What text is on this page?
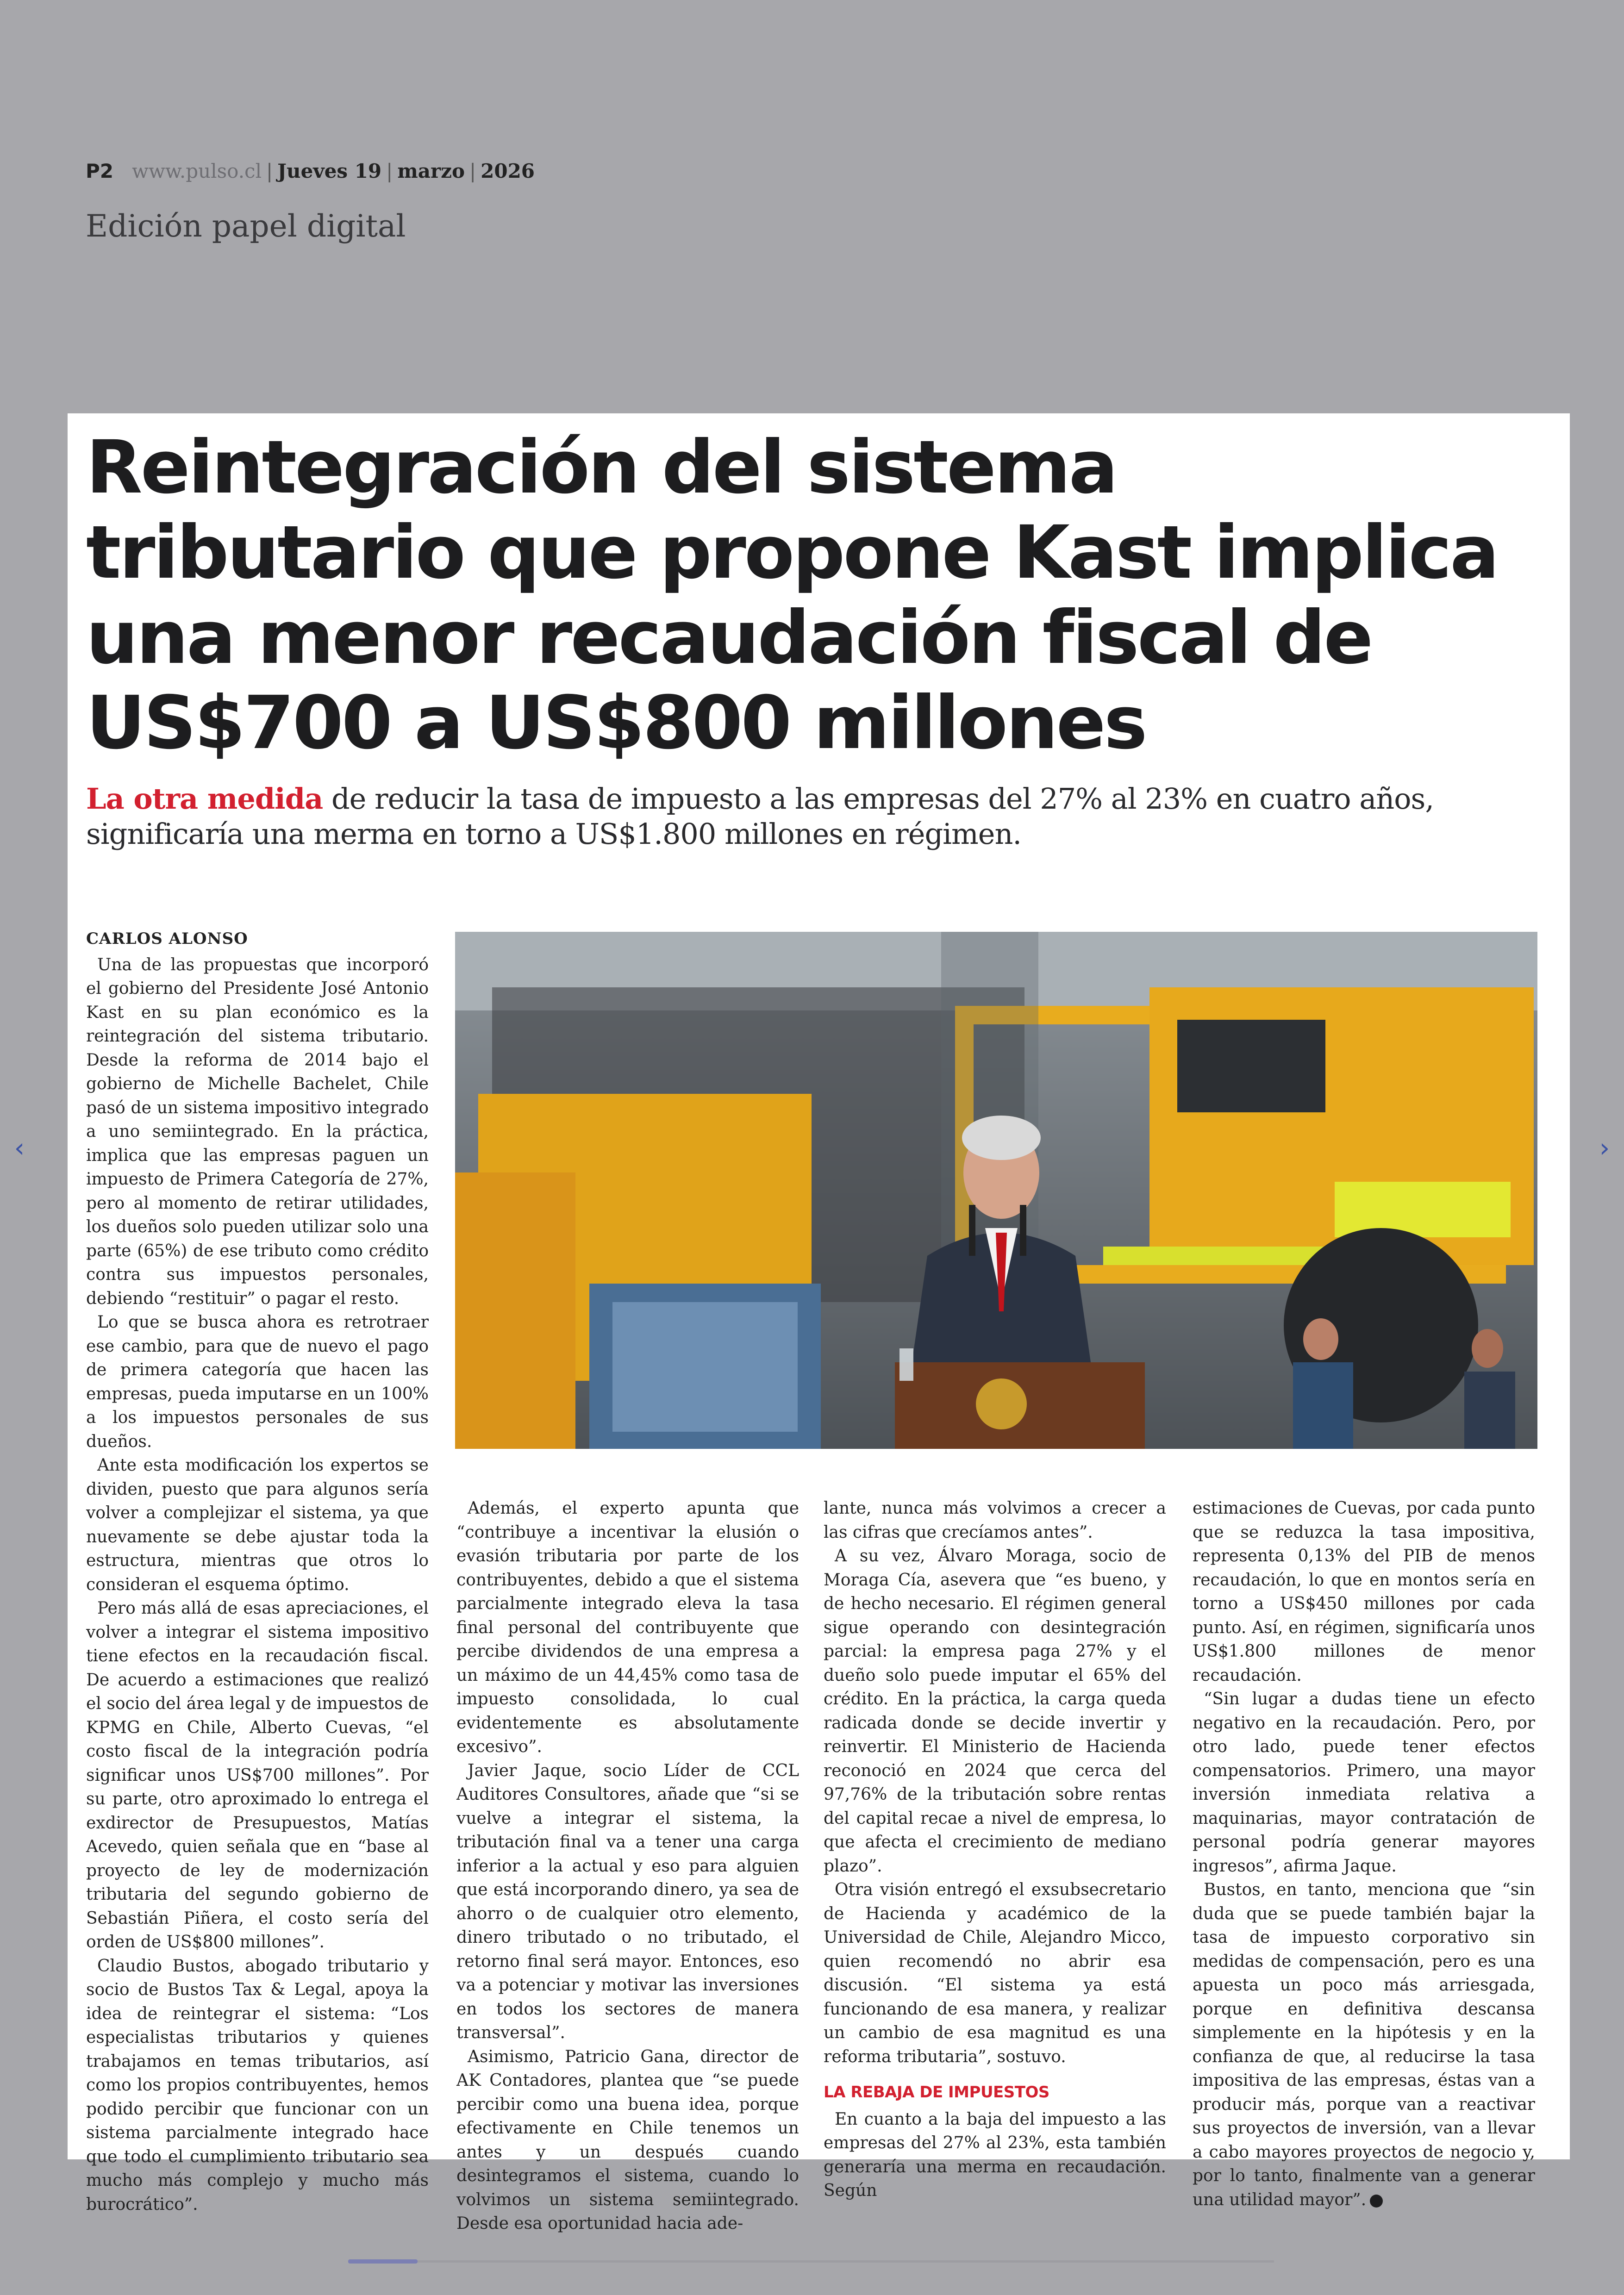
P2 www.pulso.cl | Jueves 19 | marzo | 2026
Edición papel digital
‹	›
Reintegración del sistema tributario que propone Kast implica una menor recaudación fiscal de US$700 a US$800 millones

La otra medida de reducir la tasa de impuesto a las empresas del 27% al 23% en cuatro años, significaría una merma en torno a US$1.800 millones en régimen.

CARLOS ALONSO

Una de las propuestas que incorporó el gobierno del Presidente José Antonio Kast en su plan económico es la reintegración del sistema tributario. Desde la reforma de 2014 bajo el gobierno de Michelle Bachelet, Chile pasó de un sistema impositivo integrado a uno semiintegrado. En la práctica, implica que las empresas paguen un impuesto de Primera Categoría de 27%, pero al momento de retirar utilidades, los dueños solo pueden utilizar solo una parte (65%) de ese tributo como crédito contra sus impuestos personales, debiendo “restituir” o pagar el resto.

Lo que se busca ahora es retrotraer ese cambio, para que de nuevo el pago de primera categoría que hacen las empresas, pueda imputarse en un 100% a los impuestos personales de sus dueños.

Ante esta modificación los expertos se dividen, puesto que para algunos sería volver a complejizar el sistema, ya que nuevamente se debe ajustar toda la estructura, mientras que otros lo consideran el esquema óptimo.

Pero más allá de esas apreciaciones, el volver a integrar el sistema impositivo tiene efectos en la recaudación fiscal. De acuerdo a estimaciones que realizó el socio del área legal y de impuestos de KPMG en Chile, Alberto Cuevas, “el costo fiscal de la integración podría significar unos US$700 millones”. Por su parte, otro aproximado lo entrega el exdirector de Presupuestos, Matías Acevedo, quien señala que en “base al proyecto de ley de modernización tributaria del segundo gobierno de Sebastián Piñera, el costo sería del orden de US$800 millones”.

Claudio Bustos, abogado tributario y socio de Bustos Tax & Legal, apoya la idea de reintegrar el sistema: “Los especialistas tributarios y quienes trabajamos en temas tributarios, así como los propios contribuyentes, hemos podido percibir que funcionar con un sistema parcialmente integrado hace que todo el cumplimiento tributario sea mucho más complejo y mucho más burocrático”.

Además, el experto apunta que “contribuye a incentivar la elusión o evasión tributaria por parte de los contribuyentes, debido a que el sistema parcialmente integrado eleva la tasa final personal del contribuyente que percibe dividendos de una empresa a un máximo de un 44,45% como tasa de impuesto consolidada, lo cual evidentemente es absolutamente excesivo”.

Javier Jaque, socio Líder de CCL Auditores Consultores, añade que “si se vuelve a integrar el sistema, la tributación final va a tener una carga inferior a la actual y eso para alguien que está incorporando dinero, ya sea de ahorro o de cualquier otro elemento, dinero tributado o no tributado, el retorno final será mayor. Entonces, eso va a potenciar y motivar las inversiones en todos los sectores de manera transversal”.

Asimismo, Patricio Gana, director de AK Contadores, plantea que “se puede percibir como una buena idea, porque efectivamente en Chile tenemos un antes y un después cuando desintegramos el sistema, cuando lo volvimos un sistema semiintegrado. Desde esa oportunidad hacia ade-

lante, nunca más volvimos a crecer a las cifras que crecíamos antes”.

A su vez, Álvaro Moraga, socio de Moraga Cía, asevera que “es bueno, y de hecho necesario. El régimen general sigue operando con desintegración parcial: la empresa paga 27% y el dueño solo puede imputar el 65% del crédito. En la práctica, la carga queda radicada donde se decide invertir y reinvertir. El Ministerio de Hacienda reconoció en 2024 que cerca del 97,76% de la tributación sobre rentas del capital recae a nivel de empresa, lo que afecta el crecimiento de mediano plazo”.

Otra visión entregó el exsubsecretario de Hacienda y académico de la Universidad de Chile, Alejandro Micco, quien recomendó no abrir esa discusión. “El sistema ya está funcionando de esa manera, y realizar un cambio de esa magnitud es una reforma tributaria”, sostuvo.

LA REBAJA DE IMPUESTOS

En cuanto a la baja del impuesto a las empresas del 27% al 23%, esta también generaría una merma en recaudación. Según

estimaciones de Cuevas, por cada punto que se reduzca la tasa impositiva, representa 0,13% del PIB de menos recaudación, lo que en montos sería en torno a US$450 millones por cada punto. Así, en régimen, significaría unos US$1.800 millones de menor recaudación.

“Sin lugar a dudas tiene un efecto negativo en la recaudación. Pero, por otro lado, puede tener efectos compensatorios. Primero, una mayor inversión inmediata relativa a maquinarias, mayor contratación de personal podría generar mayores ingresos”, afirma Jaque.

Bustos, en tanto, menciona que “sin duda que se puede también bajar la tasa de impuesto corporativo sin medidas de compensación, pero es una apuesta un poco más arriesgada, porque en definitiva descansa simplemente en la hipótesis y en la confianza de que, al reducirse la tasa impositiva de las empresas, éstas van a producir más, porque van a reactivar sus proyectos de inversión, van a llevar a cabo mayores proyectos de negocio y, por lo tanto, finalmente van a generar una utilidad mayor”.
